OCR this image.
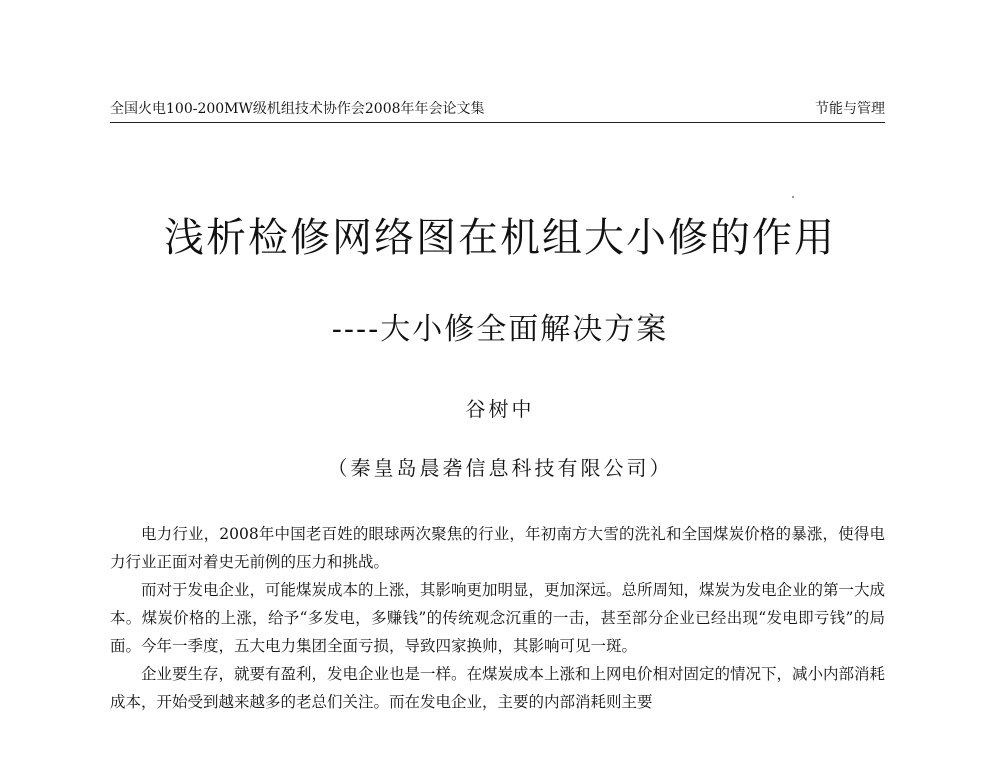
全国火电100-200MW级机组技术协作会2008年年会论文集	节能与管理
浅析检修网络图在机组大小修的作用
----大小修全面解决方案
谷树中
（秦皇岛晨砻信息科技有限公司）

电力行业，2008年中国老百姓的眼球两次聚焦的行业，年初南方大雪的洗礼和全国煤炭价格的暴涨，使得电力行业正面对着史无前例的压力和挑战。

而对于发电企业，可能煤炭成本的上涨，其影响更加明显，更加深远。总所周知，煤炭为发电企业的第一大成本。煤炭价格的上涨，给予“多发电，多赚钱”的传统观念沉重的一击，甚至部分企业已经出现“发电即亏钱”的局面。今年一季度，五大电力集团全面亏损，导致四家换帅，其影响可见一斑。

企业要生存，就要有盈利，发电企业也是一样。在煤炭成本上涨和上网电价相对固定的情况下，减小内部消耗成本，开始受到越来越多的老总们关注。而在发电企业，主要的内部消耗则主要
